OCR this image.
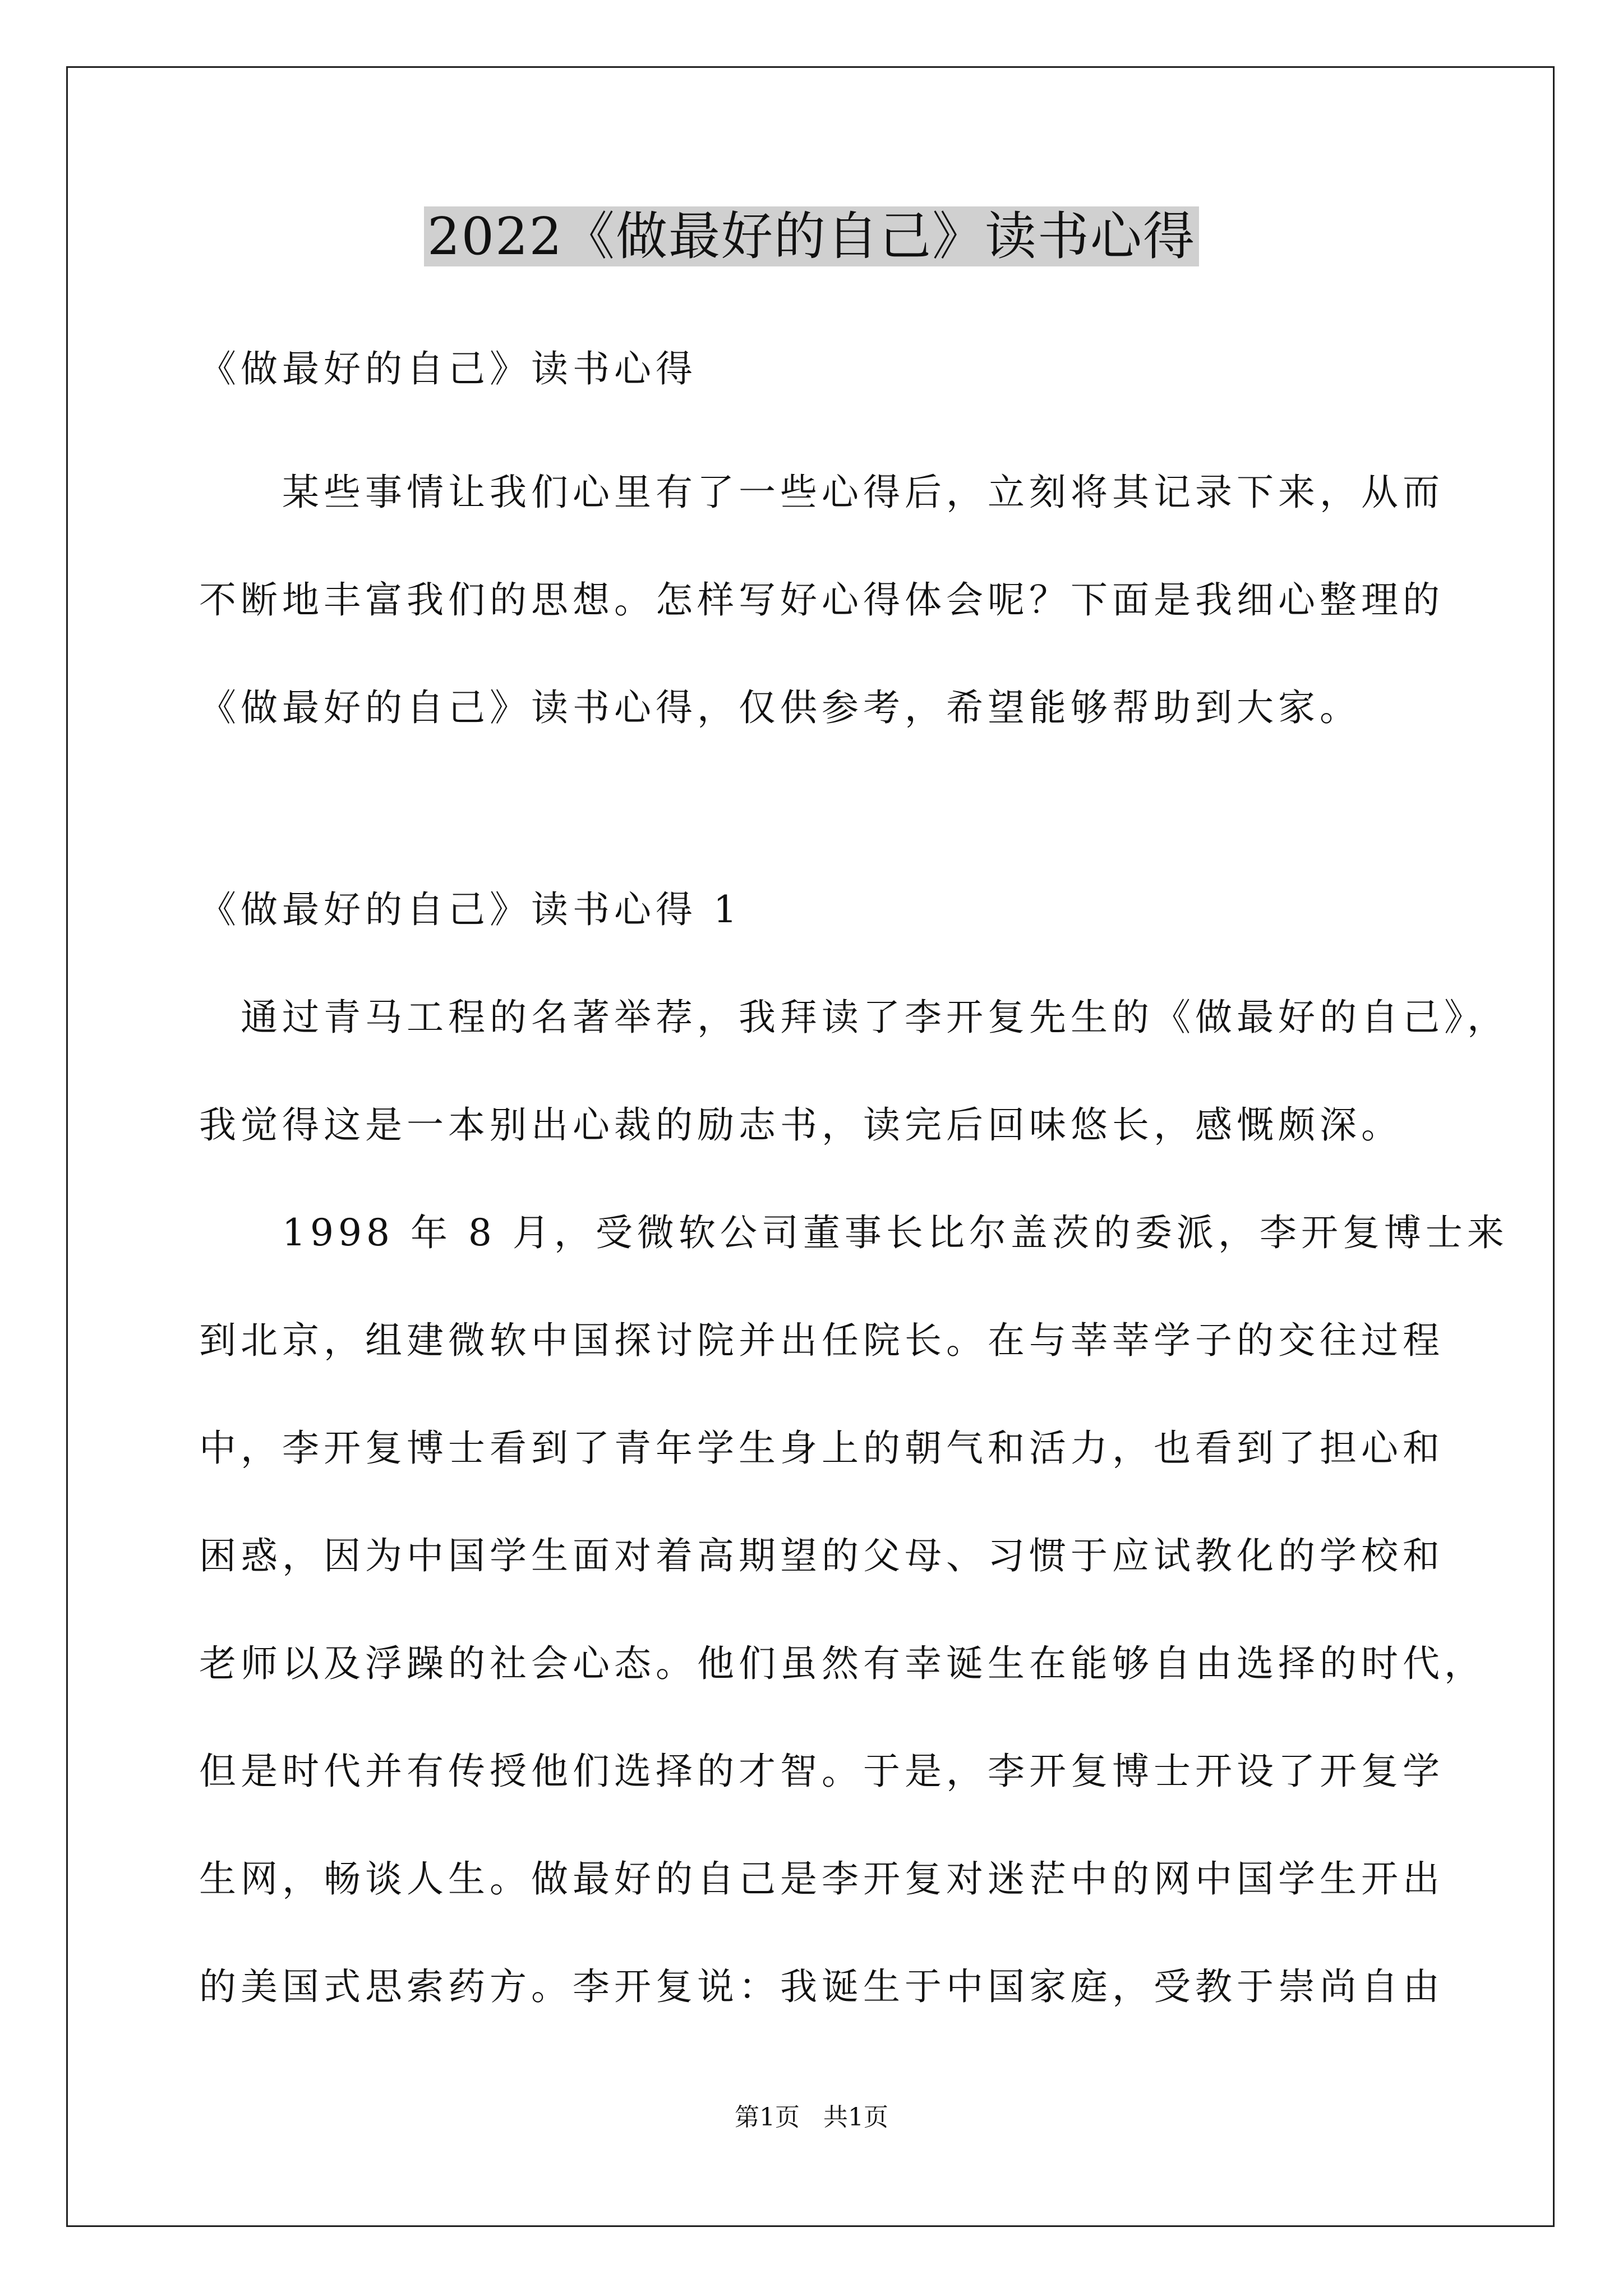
2022《做最好的自己》读书心得
《做最好的自己》读书心得
　　某些事情让我们心里有了一些心得后，立刻将其记录下来，从而
不断地丰富我们的思想。怎样写好心得体会呢？下面是我细心整理的
《做最好的自己》读书心得，仅供参考，希望能够帮助到大家。
《做最好的自己》读书心得 1
　通过青马工程的名著举荐，我拜读了李开复先生的《做最好的自己》，
我觉得这是一本别出心裁的励志书，读完后回味悠长，感慨颇深。
　　1998 年 8 月，受微软公司董事长比尔盖茨的委派，李开复博士来
到北京，组建微软中国探讨院并出任院长。在与莘莘学子的交往过程
中，李开复博士看到了青年学生身上的朝气和活力，也看到了担心和
困惑，因为中国学生面对着高期望的父母、习惯于应试教化的学校和
老师以及浮躁的社会心态。他们虽然有幸诞生在能够自由选择的时代，
但是时代并有传授他们选择的才智。于是，李开复博士开设了开复学
生网，畅谈人生。做最好的自己是李开复对迷茫中的网中国学生开出
的美国式思索药方。李开复说：我诞生于中国家庭，受教于崇尚自由
第1页   共1页
